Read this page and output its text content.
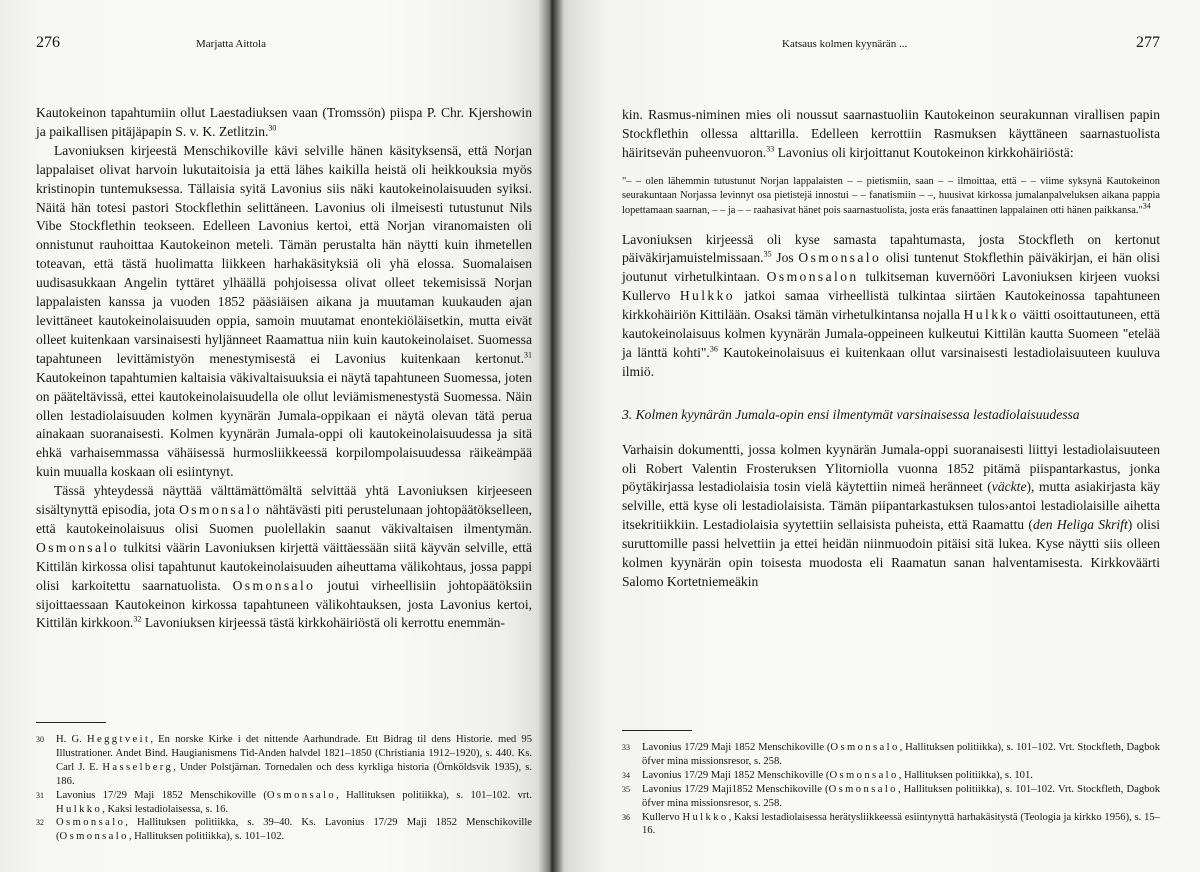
276	Marjatta Aittola

Kautokeinon tapahtumiin ollut Laestadiuksen vaan (Tromssön) piispa P. Chr. Kjershowin ja paikallisen pitäjäpapin S. v. K. Zetlitzin.$^{30}$

Lavoniuksen kirjeestä Menschikoville kävi selville hänen käsityksensä, että Norjan lappalaiset olivat harvoin lukutaitoisia ja että lähes kaikilla heistä oli heikkouksia myös kristinopin tuntemuksessa. Tällaisia syitä Lavonius siis näki kautokeinolaisuuden syiksi. Näitä hän totesi pastori Stockflethin selittäneen. Lavonius oli ilmeisesti tutustunut Nils Vibe Stockflethin teokseen. Edelleen Lavonius kertoi, että Norjan viranomaisten oli onnistunut rauhoittaa Kautokeinon meteli. Tämän perustalta hän näytti kuin ihmetellen toteavan, että tästä huolimatta liikkeen harhakäsityksiä oli yhä elossa. Suomalaisen uudisasukkaan Angelin tyttäret ylhäällä pohjoisessa olivat olleet tekemisissä Norjan lappalaisten kanssa ja vuoden 1852 pääsiäisen aikana ja muutaman kuukauden ajan levittäneet kautokeinolaisuuden oppia, samoin muutamat enontekiöläisetkin, mutta eivät olleet kuitenkaan varsinaisesti hyljänneet Raamattua niin kuin kautokeinolaiset. Suomessa tapahtuneen levittämistyön menestymisestä ei Lavonius kuitenkaan kertonut.$^{31}$ Kautokeinon tapahtumien kaltaisia väkivaltaisuuksia ei näytä tapahtuneen Suomessa, joten on pääteltävissä, ettei kautokeinolaisuudella ole ollut leviämismenestystä Suomessa. Näin ollen lestadiolaisuuden kolmen kyynärän Jumala-oppikaan ei näytä olevan tätä perua ainakaan suoranaisesti. Kolmen kyynärän Jumala-oppi oli kautokeinolaisuudessa ja sitä ehkä varhaisemmassa vähäisessä hurmosliikkeessä korpilompolaisuudessa räikeämpää kuin muualla koskaan oli esiintynyt.

Tässä yhteydessä näyttää välttämättömältä selvittää yhtä Lavoniuksen kirjeeseen sisältynyttä episodia, jota Osmonsalo nähtävästi piti perustelunaan johtopäätökselleen, että kautokeinolaisuus olisi Suomen puolellakin saanut väkivaltaisen ilmentymän. Osmonsalo tulkitsi väärin Lavoniuksen kirjettä väittäessään siitä käyvän selville, että Kittilän kirkossa olisi tapahtunut kautokeinolaisuuden aiheuttama välikohtaus, jossa pappi olisi karkoitettu saarnatuolista. Osmonsalo joutui virheellisiin johtopäätöksiin sijoittaessaan Kautokeinon kirkossa tapahtuneen välikohtauksen, josta Lavonius kertoi, Kittilän kirkkoon.$^{32}$ Lavoniuksen kirjeessä tästä kirkkohäiriöstä oli kerrottu enemmän-

30	H. G. Heggtveit, En norske Kirke i det nittende Aarhundrade. Ett Bidrag til dens Historie. med 95 Illustrationer. Andet Bind. Haugianismens Tid-Anden halvdel 1821–1850 (Christiania 1912–1920), s. 440. Ks. Carl J. E. Hasselberg, Under Polstjärnan. Tornedalen och dess kyrkliga historia (Örnköldsvik 1935), s. 186.
31	Lavonius 17/29 Maji 1852 Menschikoville (Osmonsalo, Hallituksen politiikka), s. 101–102. vrt. Hulkko, Kaksi lestadiolaisessa, s. 16.
32	Osmonsalo, Hallituksen politiikka, s. 39–40. Ks. Lavonius 17/29 Maji 1852 Menschikoville (Osmonsalo, Hallituksen politiikka), s. 101–102.
Katsaus kolmen kyynärän ...	277

kin. Rasmus-niminen mies oli noussut saarnastuoliin Kautokeinon seurakunnan virallisen papin Stockflethin ollessa alttarilla. Edelleen kerrottiin Rasmuksen käyttäneen saarnastuolista häiritsevän puheenvuoron.$^{33}$ Lavonius oli kirjoittanut Koutokeinon kirkkohäiriöstä:

"– – olen lähemmin tutustunut Norjan lappalaisten – – pietismiin, saan – – ilmoittaa, että – – viime syksynä Kautokeinon seurakuntaan Norjassa levinnyt osa pietistejä innostui – – fanatismiin – –, huusivat kirkossa jumalanpalveluksen aikana pappia lopettamaan saarnan, – – ja – – raahasivat hänet pois saarnastuolista, josta eräs fanaattinen lappalainen otti hänen paikkansa."$^{34}$

Lavoniuksen kirjeessä oli kyse samasta tapahtumasta, josta Stockfleth on kertonut päiväkirjamuistelmissaan.$^{35}$ Jos Osmonsalo olisi tuntenut Stokflethin päiväkirjan, ei hän olisi joutunut virhetulkintaan. Osmonsalon tulkitseman kuvernööri Lavoniuksen kirjeen vuoksi Kullervo Hulkko jatkoi samaa virheellistä tulkintaa siirtäen Kautokeinossa tapahtuneen kirkkohäiriön Kittilään. Osaksi tämän virhetulkintansa nojalla Hulkko väitti osoittautuneen, että kautokeinolaisuus kolmen kyynärän Jumala-oppeineen kulkeutui Kittilän kautta Suomeen "etelää ja länttä kohti".$^{36}$ Kautokeinolaisuus ei kuitenkaan ollut varsinaisesti lestadiolaisuuteen kuuluva ilmiö.

3. Kolmen kyynärän Jumala-opin ensi ilmentymät varsinaisessa lestadiolaisuudessa

Varhaisin dokumentti, jossa kolmen kyynärän Jumala-oppi suoranaisesti liittyi lestadiolaisuuteen oli Robert Valentin Frosteruksen Ylitorniolla vuonna 1852 pitämä piispantarkastus, jonka pöytäkirjassa lestadiolaisia tosin vielä käytettiin nimeä heränneet (väckte), mutta asiakirjasta käy selville, että kyse oli lestadiolaisista. Tämän piipantarkastuksen tulos›antoi lestadiolaisille aihetta itsekritiikkiin. Lestadiolaisia syytettiin sellaisista puheista, että Raamattu (den Heliga Skrift) olisi suruttomille passi helvettiin ja ettei heidän niinmuodoin pitäisi sitä lukea. Kyse näytti siis olleen kolmen kyynärän opin toisesta muodosta eli Raamatun sanan halventamisesta. Kirkkoväärti Salomo Kortetniemeäkin

33	Lavonius 17/29 Maji 1852 Menschikoville (Osmonsalo, Hallituksen politiikka), s. 101–102. Vrt. Stockfleth, Dagbok öfver mina missionsresor, s. 258.
34	Lavonius 17/29 Maji 1852 Menschikoville (Osmonsalo, Hallituksen politiikka), s. 101.
35	Lavonius 17/29 Maji1852 Menschikoville (Osmonsalo, Hallituksen politiikka), s. 101–102. Vrt. Stockfleth, Dagbok öfver mina missionsresor, s. 258.
36	Kullervo Hulkko, Kaksi lestadiolaisessa herätysliikkeessä esiintynyttä harhakäsitystä (Teologia ja kirkko 1956), s. 15–16.
